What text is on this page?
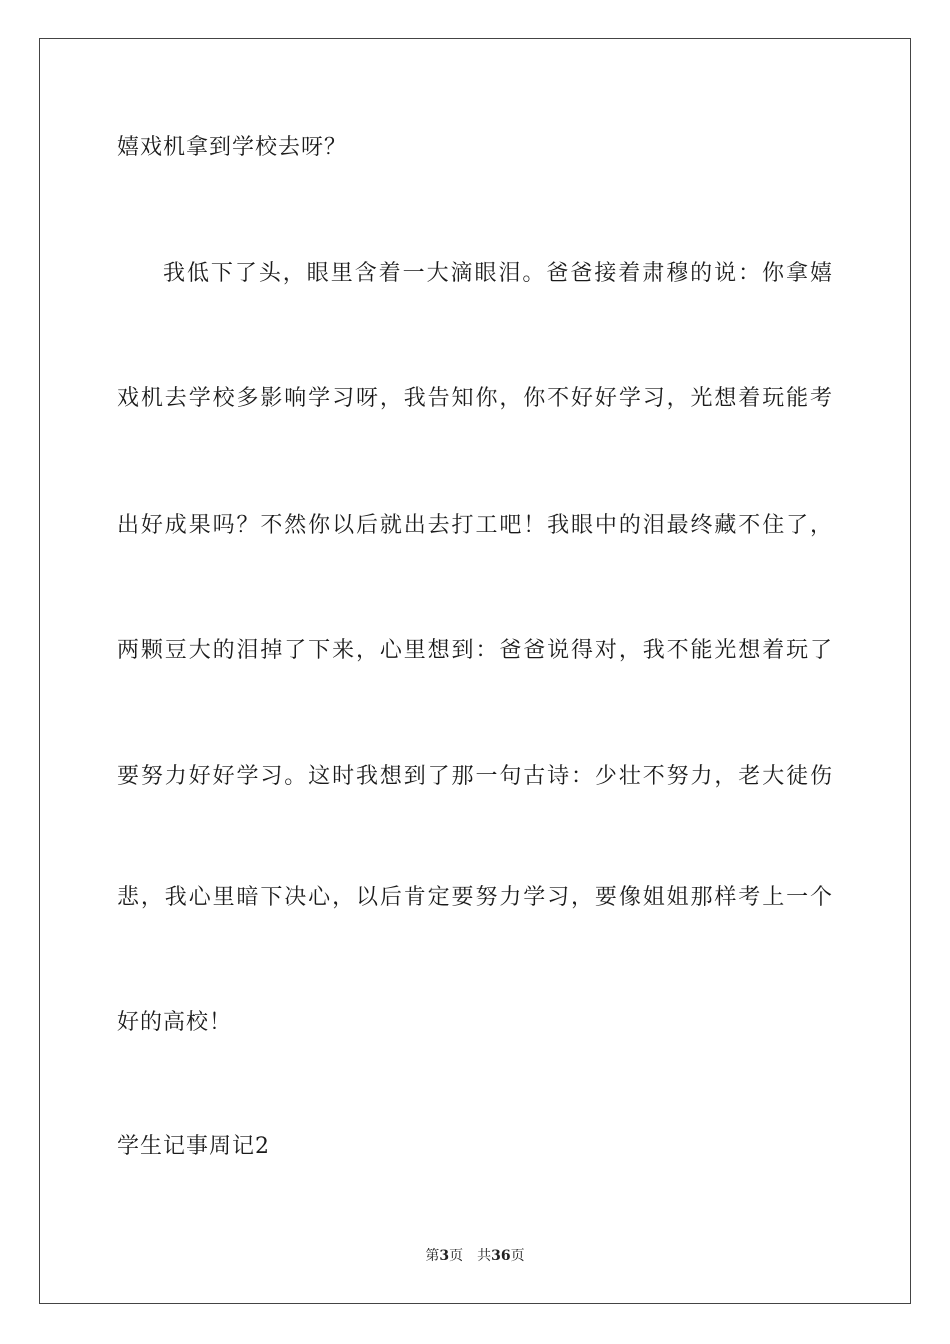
嬉戏机拿到学校去呀？
我低下了头，眼里含着一大滴眼泪。爸爸接着肃穆的说：你拿嬉
戏机去学校多影响学习呀，我告知你，你不好好学习，光想着玩能考
出好成果吗？不然你以后就出去打工吧！我眼中的泪最终藏不住了，
两颗豆大的泪掉了下来，心里想到：爸爸说得对，我不能光想着玩了
要努力好好学习。这时我想到了那一句古诗：少壮不努力，老大徒伤
悲，我心里暗下决心，以后肯定要努力学习，要像姐姐那样考上一个
好的高校！
学生记事周记2
第3页 共36页
